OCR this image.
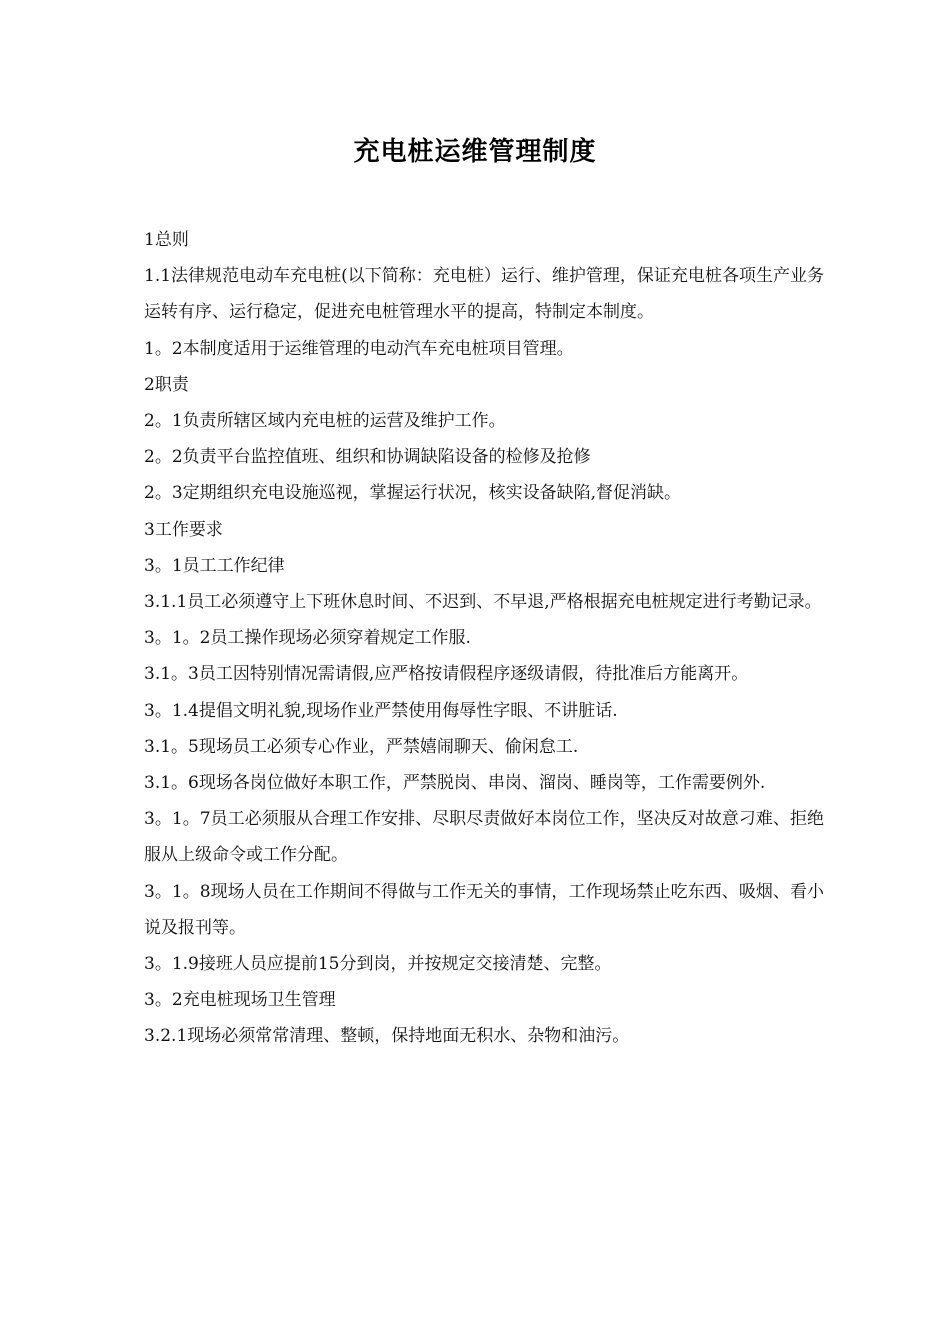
充电桩运维管理制度

1总则

1.1法律规范电动车充电桩(以下简称：充电桩）运行、维护管理，保证充电桩各项生产业务运转有序、运行稳定，促进充电桩管理水平的提高，特制定本制度。

1。2本制度适用于运维管理的电动汽车充电桩项目管理。

2职责

2。1负责所辖区域内充电桩的运营及维护工作。

2。2负责平台监控值班、组织和协调缺陷设备的检修及抢修

2。3定期组织充电设施巡视，掌握运行状况，核实设备缺陷,督促消缺。

3工作要求

3。1员工工作纪律

3.1.1员工必须遵守上下班休息时间、不迟到、不早退,严格根据充电桩规定进行考勤记录。

3。1。2员工操作现场必须穿着规定工作服.

3.1。3员工因特别情况需请假,应严格按请假程序逐级请假，待批准后方能离开。

3。1.4提倡文明礼貌,现场作业严禁使用侮辱性字眼、不讲脏话.

3.1。5现场员工必须专心作业，严禁嬉闹聊天、偷闲怠工.

3.1。6现场各岗位做好本职工作，严禁脱岗、串岗、溜岗、睡岗等，工作需要例外.

3。1。7员工必须服从合理工作安排、尽职尽责做好本岗位工作，坚决反对故意刁难、拒绝服从上级命令或工作分配。

3。1。8现场人员在工作期间不得做与工作无关的事情，工作现场禁止吃东西、吸烟、看小说及报刊等。

3。1.9接班人员应提前15分到岗，并按规定交接清楚、完整。

3。2充电桩现场卫生管理

3.2.1现场必须常常清理、整顿，保持地面无积水、杂物和油污。
